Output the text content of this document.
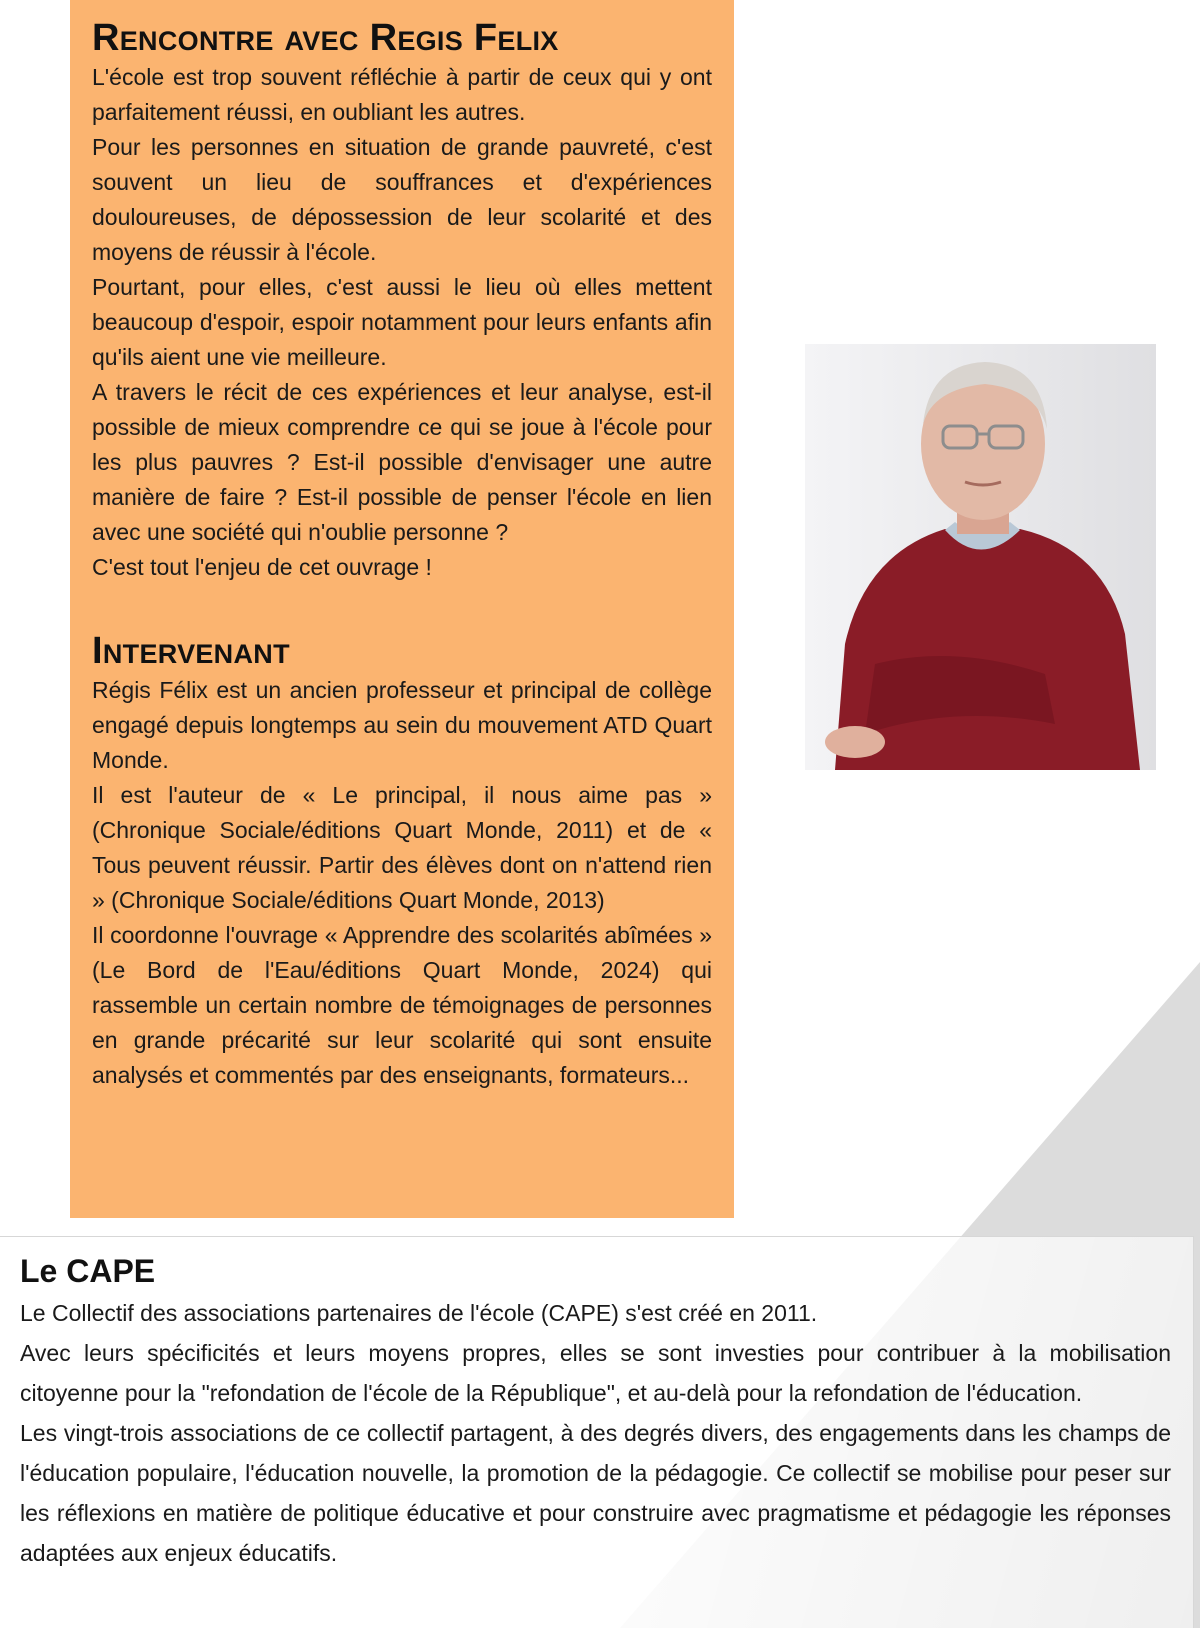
Rencontre avec Regis Felix

L'école est trop souvent réfléchie à partir de ceux qui y ont parfaitement réussi, en oubliant les autres.

Pour les personnes en situation de grande pauvreté, c'est souvent un lieu de souffrances et d'expériences douloureuses, de dépossession de leur scolarité et des moyens de réussir à l'école.

Pourtant, pour elles, c'est aussi le lieu où elles mettent beaucoup d'espoir, espoir notamment pour leurs enfants afin qu'ils aient une vie meilleure.

A travers le récit de ces expériences et leur analyse, est-il possible de mieux comprendre ce qui se joue à l'école pour les plus pauvres ? Est-il possible d'envisager une autre manière de faire ? Est-il possible de penser l'école en lien avec une société qui n'oublie personne ?

C'est tout l'enjeu de cet ouvrage !

Intervenant

Régis Félix est un ancien professeur et principal de collège engagé depuis longtemps au sein du mouvement ATD Quart Monde.

Il est l'auteur de « Le principal, il nous aime pas » (Chronique Sociale/éditions Quart Monde, 2011) et de « Tous peuvent réussir. Partir des élèves dont on n'attend rien » (Chronique Sociale/éditions Quart Monde, 2013)

Il coordonne l'ouvrage « Apprendre des scolarités abîmées » (Le Bord de l'Eau/éditions Quart Monde, 2024) qui rassemble un certain nombre de témoignages de personnes en grande précarité sur leur scolarité qui sont ensuite analysés et commentés par des enseignants, formateurs...

Le CAPE

Le Collectif des associations partenaires de l'école (CAPE) s'est créé en 2011.

Avec leurs spécificités et leurs moyens propres, elles se sont investies pour contribuer à la mobilisation citoyenne pour la "refondation de l'école de la République", et au-delà pour la refondation de l'éducation.

Les vingt-trois associations de ce collectif partagent, à des degrés divers, des engagements dans les champs de l'éducation populaire, l'éducation nouvelle, la promotion de la pédagogie. Ce collectif se mobilise pour peser sur les réflexions en matière de politique éducative et pour construire avec pragmatisme et pédagogie les réponses adaptées aux enjeux éducatifs.
